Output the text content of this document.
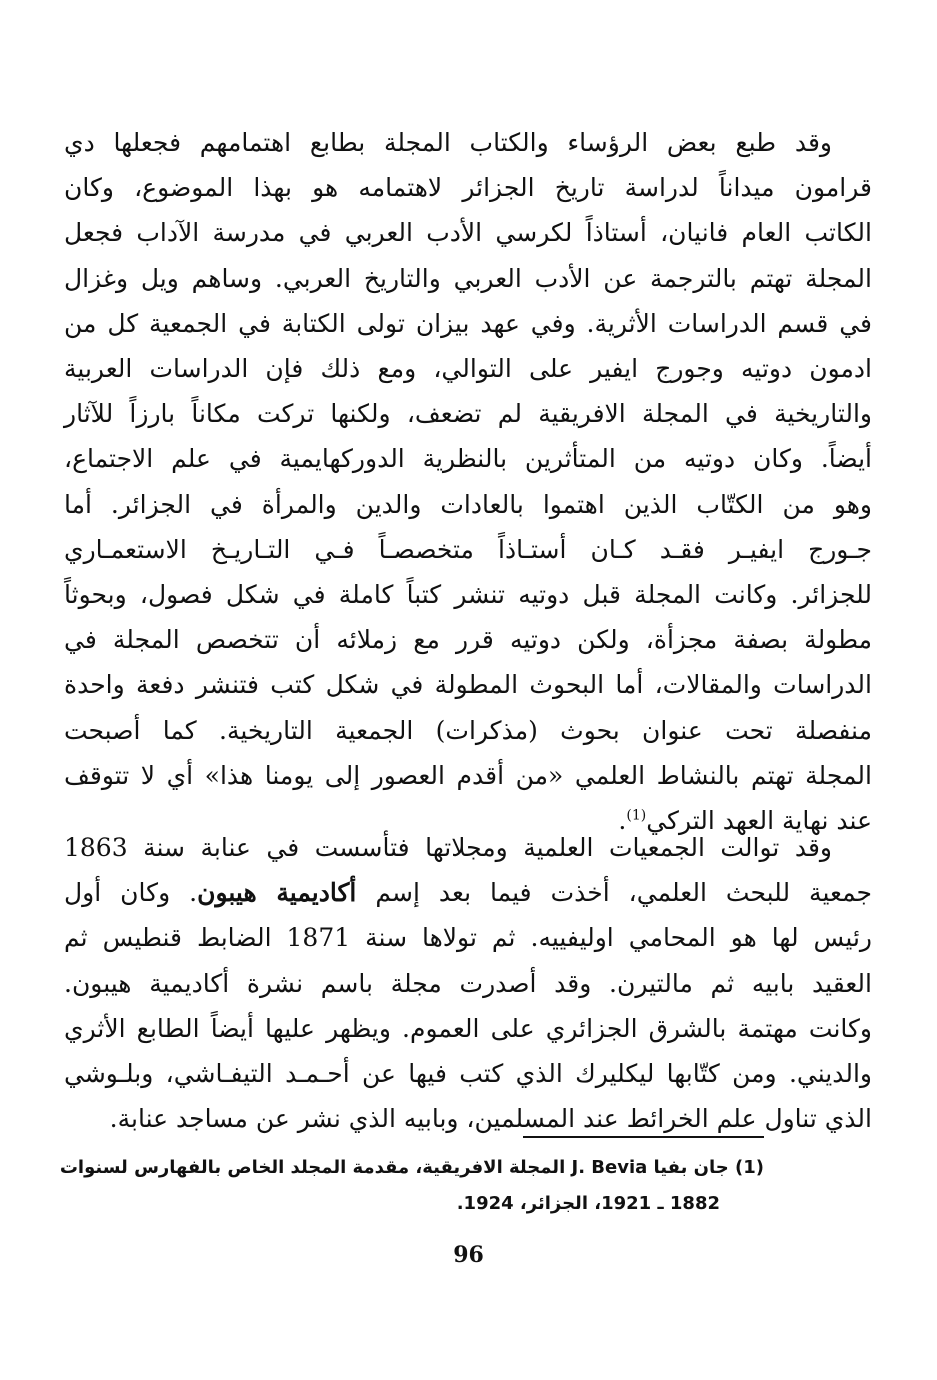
وقد طبع بعض الرؤساء والكتاب المجلة بطابع اهتمامهم فجعلها دي
قرامون ميداناً لدراسة تاريخ الجزائر لاهتمامه هو بهذا الموضوع، وكان
الكاتب العام فانيان، أستاذاً لكرسي الأدب العربي في مدرسة الآداب فجعل
المجلة تهتم بالترجمة عن الأدب العربي والتاريخ العربي. وساهم ويل وغزال
في قسم الدراسات الأثرية. وفي عهد بيزان تولى الكتابة في الجمعية كل من
ادمون دوتيه وجورج ايفير على التوالي، ومع ذلك فإن الدراسات العربية
والتاريخية في المجلة الافريقية لم تضعف، ولكنها تركت مكاناً بارزاً للآثار
أيضاً. وكان دوتيه من المتأثرين بالنظرية الدوركهايمية في علم الاجتماع،
وهو من الكتّاب الذين اهتموا بالعادات والدين والمرأة في الجزائر. أما
جـورج ايفيـر فقـد كـان أستـاذاً متخصصـاً فـي التـاريـخ الاستعمـاري
للجزائر. وكانت المجلة قبل دوتيه تنشر كتباً كاملة في شكل فصول، وبحوثاً
مطولة بصفة مجزأة، ولكن دوتيه قرر مع زملائه أن تتخصص المجلة في
الدراسات والمقالات، أما البحوث المطولة في شكل كتب فتنشر دفعة واحدة
منفصلة تحت عنوان بحوث (مذكرات) الجمعية التاريخية. كما أصبحت
المجلة تهتم بالنشاط العلمي «من أقدم العصور إلى يومنا هذا» أي لا تتوقف
عند نهاية العهد التركي$^{(1)}$.

وقد توالت الجمعيات العلمية ومجلاتها فتأسست في عنابة سنة 1863
جمعية للبحث العلمي، أخذت فيما بعد إسم أكاديمية هيبون. وكان أول
رئيس لها هو المحامي اوليفييه. ثم تولاها سنة 1871 الضابط قنطيس ثم
العقيد بابيه ثم مالتيرن. وقد أصدرت مجلة باسم نشرة أكاديمية هيبون.
وكانت مهتمة بالشرق الجزائري على العموم. ويظهر عليها أيضاً الطابع الأثري
والديني. ومن كتّابها ليكليرك الذي كتب فيها عن أحـمـد التيفـاشي، وبلـوشي
الذي تناول علم الخرائط عند المسلمين، وبابيه الذي نشر عن مساجد عنابة.

(1) جان بفيا J. Bevia المجلة الافريقية، مقدمة المجلد الخاص بالفهارس لسنوات
1882 ـ 1921، الجزائر، 1924.
96
